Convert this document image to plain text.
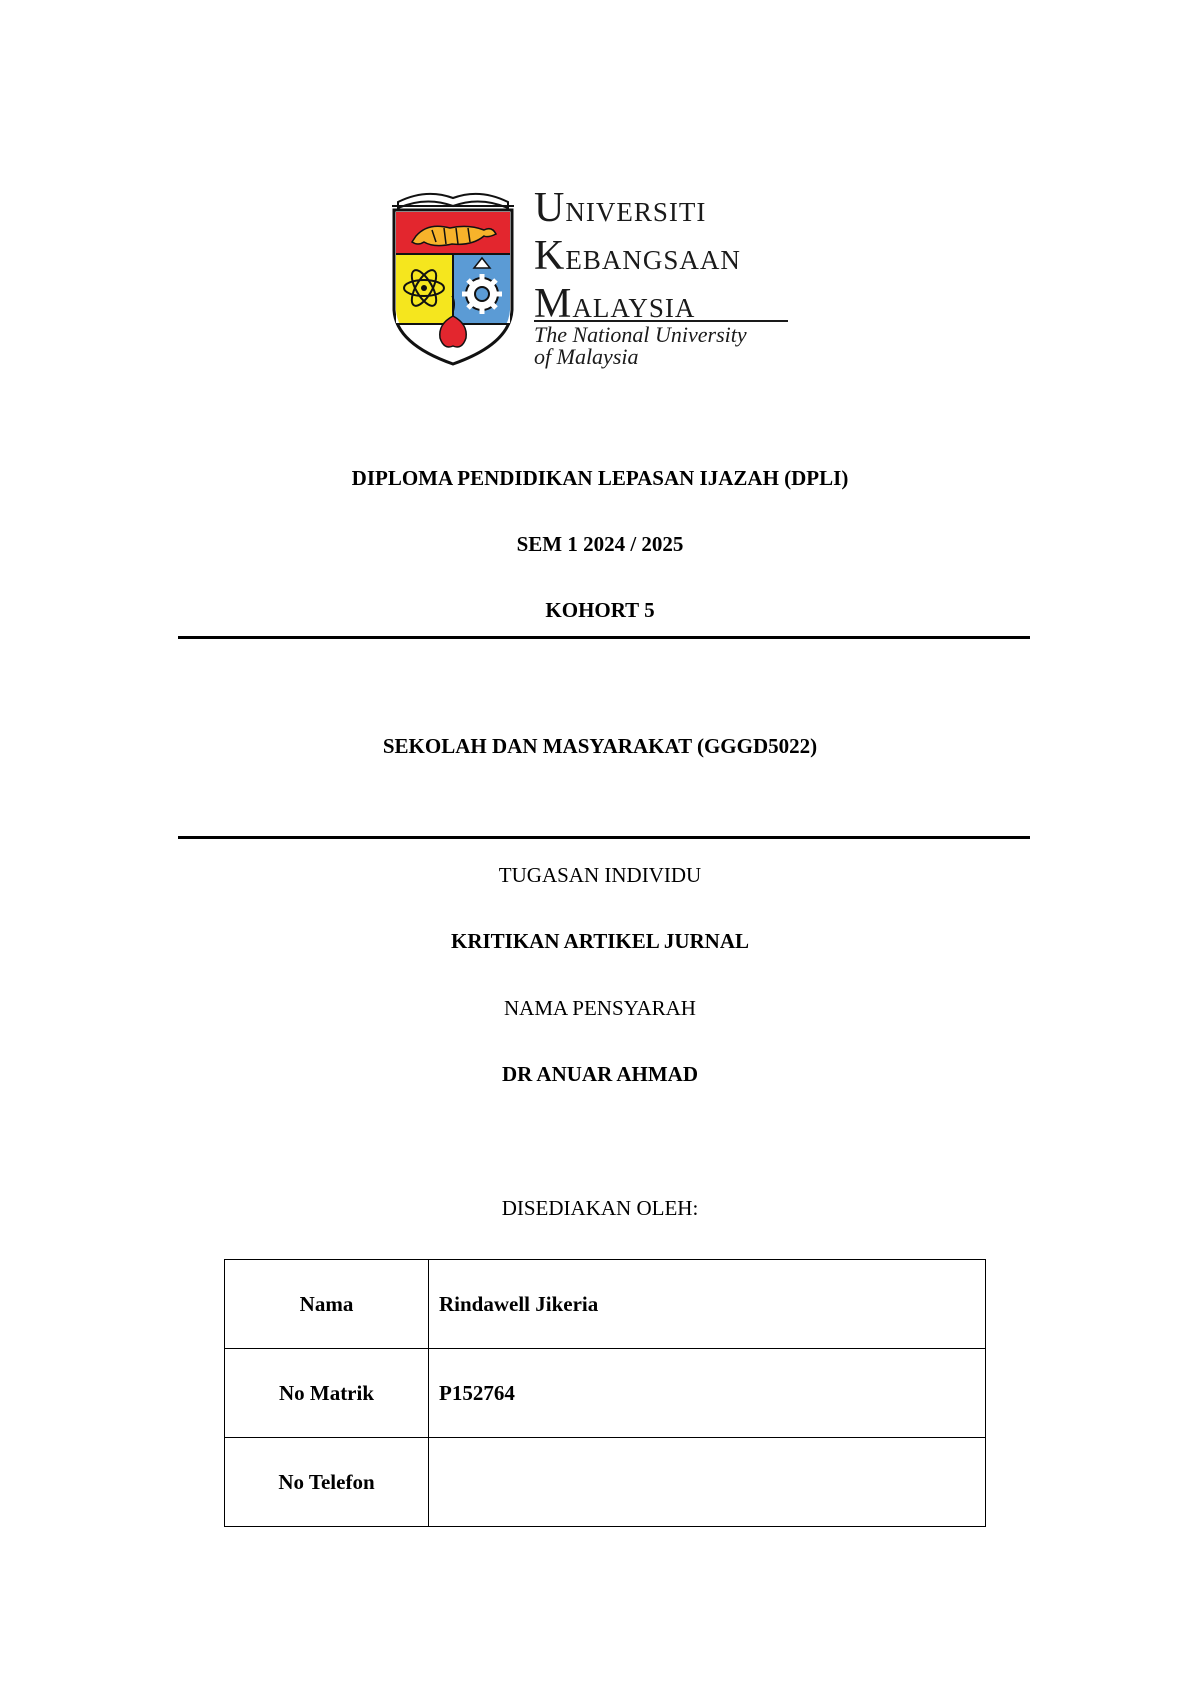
UNIVERSITI
KEBANGSAAN
MALAYSIA
The National University
of Malaysia
DIPLOMA PENDIDIKAN LEPASAN IJAZAH (DPLI)
SEM 1 2024 / 2025
KOHORT 5
SEKOLAH DAN MASYARAKAT (GGGD5022)
TUGASAN INDIVIDU
KRITIKAN ARTIKEL JURNAL
NAMA PENSYARAH
DR ANUAR AHMAD
DISEDIAKAN OLEH:
Nama	Rindawell Jikeria
No Matrik	P152764
No Telefon	
